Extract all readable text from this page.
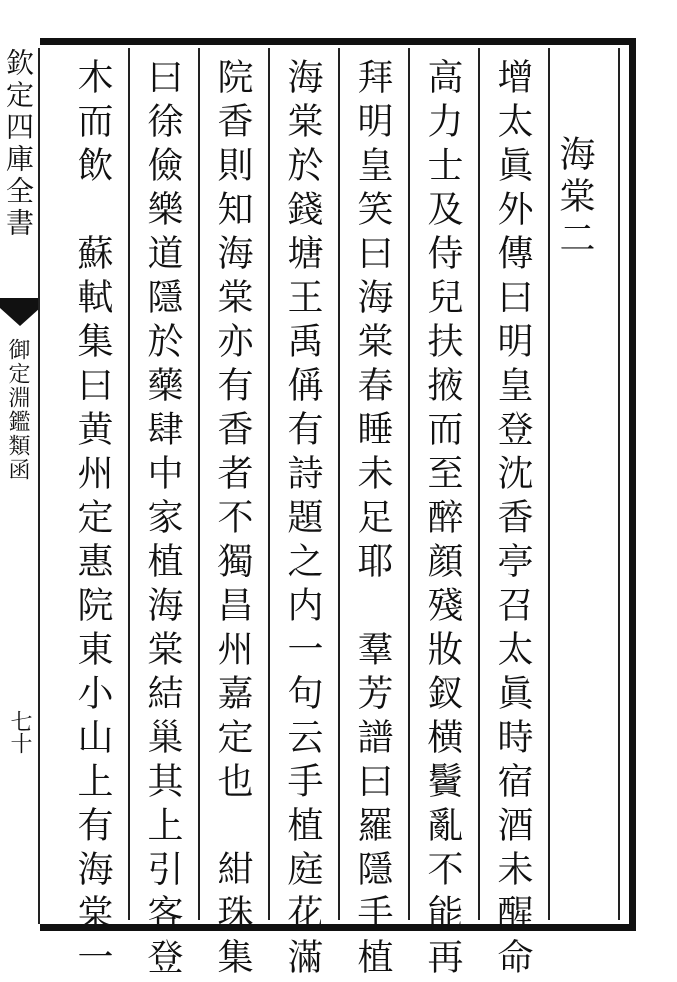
欽定四庫全書
御定淵鑑類函
七十
海棠二
增太眞外傳曰明皇登沈香亭召太眞時宿酒未醒命
高力士及侍兒扶掖而至醉顔殘妝釵横鬢亂不能再
拜明皇笑曰海棠春睡未足耶　羣芳譜曰羅隱手植
海棠於錢塘王禹偁有詩題之内一句云手植庭花滿
院香則知海棠亦有香者不獨昌州嘉定也　紺珠集
曰徐儉樂道隱於藥肆中家植海棠結巢其上引客登
木而飲　蘇軾集曰黄州定惠院東小山上有海棠一
